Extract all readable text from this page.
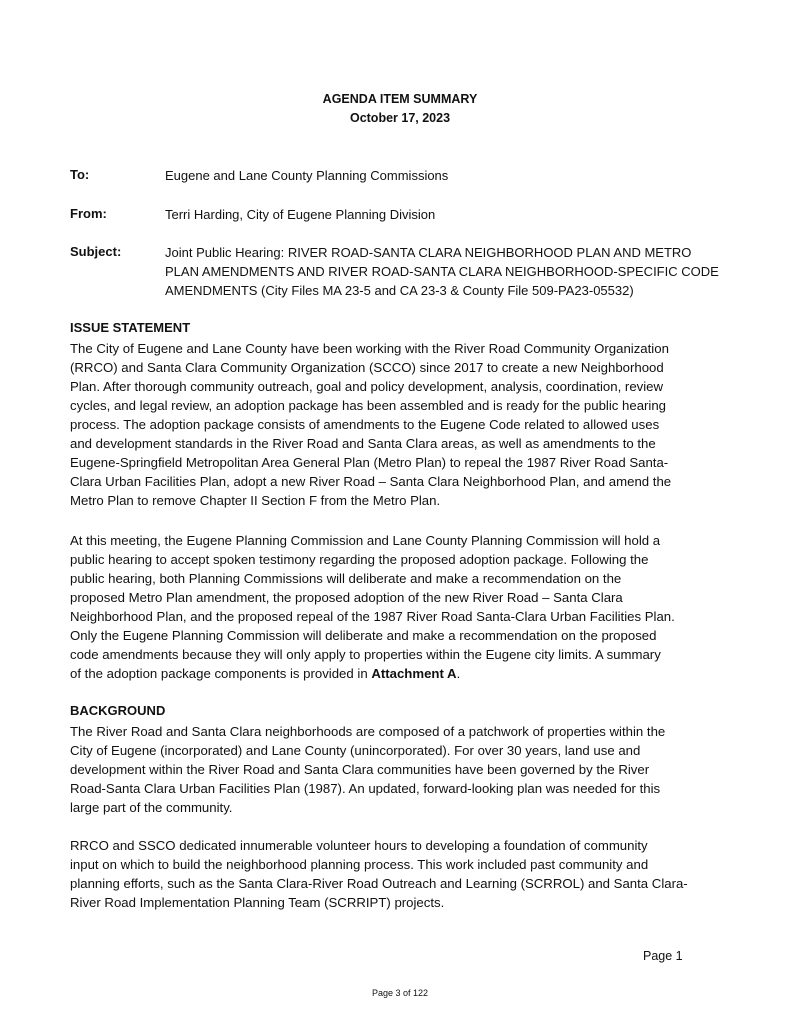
AGENDA ITEM SUMMARY
October 17, 2023
To:	Eugene and Lane County Planning Commissions
From:	Terri Harding, City of Eugene Planning Division
Subject:	Joint Public Hearing: RIVER ROAD-SANTA CLARA NEIGHBORHOOD PLAN AND METRO
PLAN AMENDMENTS AND RIVER ROAD-SANTA CLARA NEIGHBORHOOD-SPECIFIC CODE
AMENDMENTS (City Files MA 23-5 and CA 23-3 & County File 509-PA23-05532)
ISSUE STATEMENT
The City of Eugene and Lane County have been working with the River Road Community Organization
(RRCO) and Santa Clara Community Organization (SCCO) since 2017 to create a new Neighborhood
Plan. After thorough community outreach, goal and policy development, analysis, coordination, review
cycles, and legal review, an adoption package has been assembled and is ready for the public hearing
process. The adoption package consists of amendments to the Eugene Code related to allowed uses
and development standards in the River Road and Santa Clara areas, as well as amendments to the
Eugene-Springfield Metropolitan Area General Plan (Metro Plan) to repeal the 1987 River Road Santa-
Clara Urban Facilities Plan, adopt a new River Road – Santa Clara Neighborhood Plan, and amend the
Metro Plan to remove Chapter II Section F from the Metro Plan.
At this meeting, the Eugene Planning Commission and Lane County Planning Commission will hold a
public hearing to accept spoken testimony regarding the proposed adoption package. Following the
public hearing, both Planning Commissions will deliberate and make a recommendation on the
proposed Metro Plan amendment, the proposed adoption of the new River Road – Santa Clara
Neighborhood Plan, and the proposed repeal of the 1987 River Road Santa-Clara Urban Facilities Plan.
Only the Eugene Planning Commission will deliberate and make a recommendation on the proposed
code amendments because they will only apply to properties within the Eugene city limits. A summary
of the adoption package components is provided in Attachment A.
BACKGROUND
The River Road and Santa Clara neighborhoods are composed of a patchwork of properties within the
City of Eugene (incorporated) and Lane County (unincorporated). For over 30 years, land use and
development within the River Road and Santa Clara communities have been governed by the River
Road-Santa Clara Urban Facilities Plan (1987). An updated, forward-looking plan was needed for this
large part of the community.
RRCO and SSCO dedicated innumerable volunteer hours to developing a foundation of community
input on which to build the neighborhood planning process. This work included past community and
planning efforts, such as the Santa Clara-River Road Outreach and Learning (SCRROL) and Santa Clara-
River Road Implementation Planning Team (SCRRIPT) projects.
Page 1
Page 3 of 122
